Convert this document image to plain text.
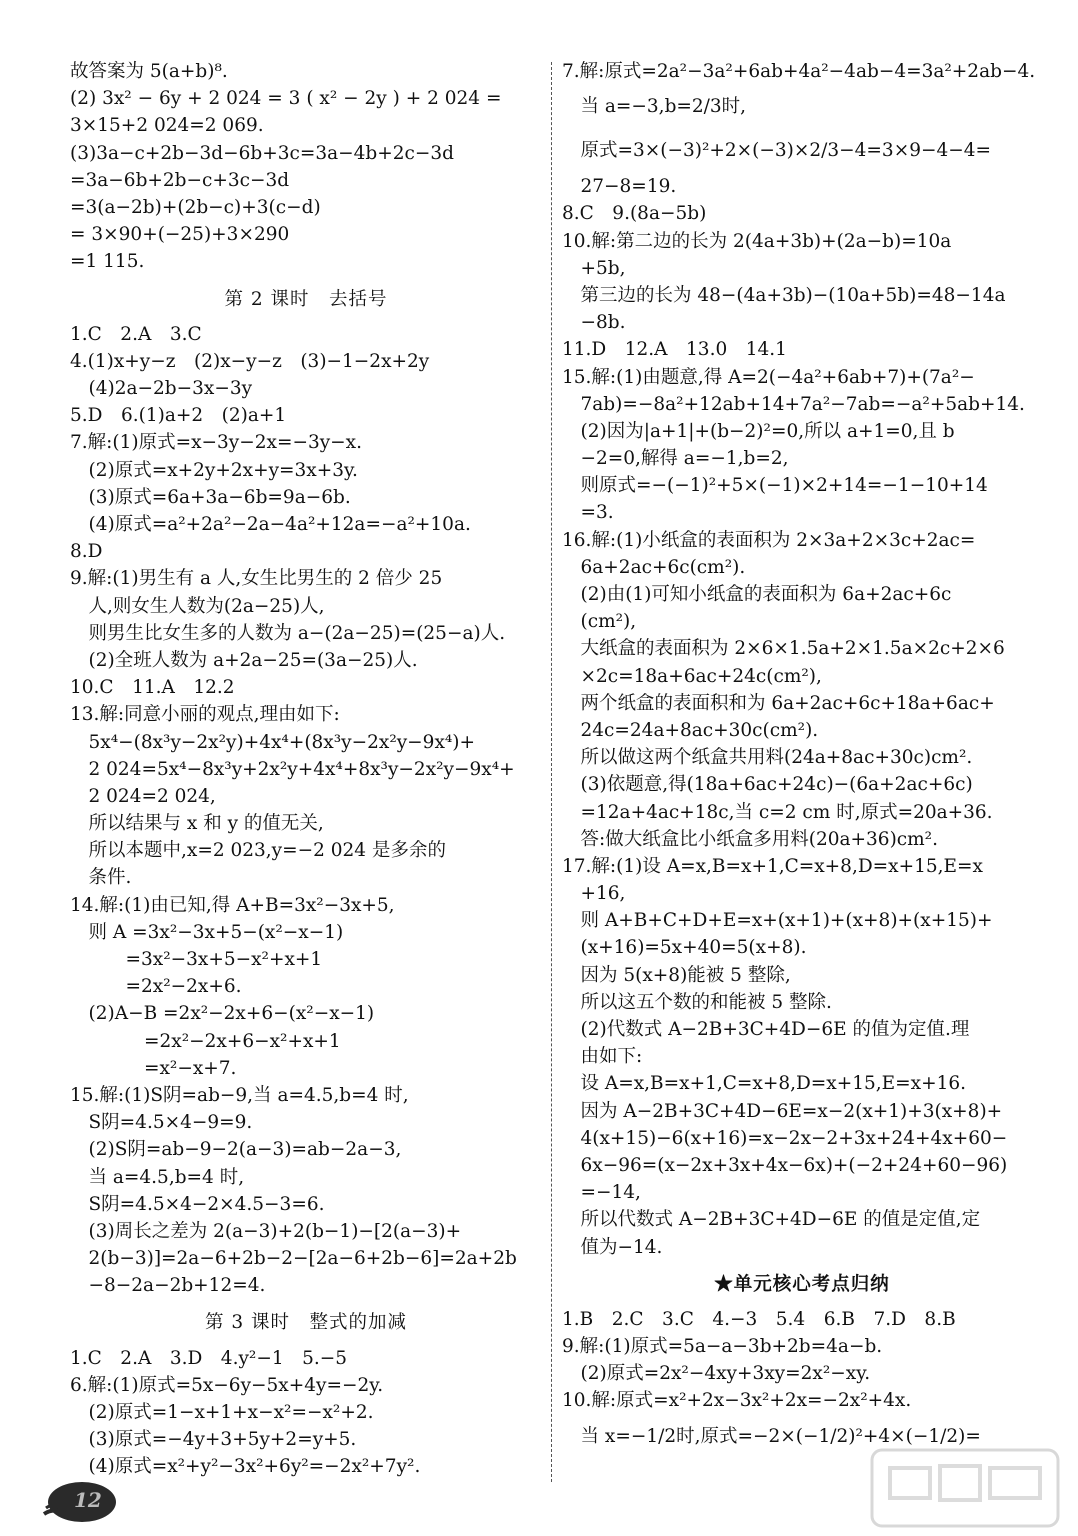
故答案为 5(a+b)⁸.
(2) 3x² − 6y + 2 024 = 3 ( x² − 2y ) + 2 024 =
3×15+2 024=2 069.
(3)3a−c+2b−3d−6b+3c=3a−4b+2c−3d
=3a−6b+2b−c+3c−3d
=3(a−2b)+(2b−c)+3(c−d)
= 3×90+(−25)+3×290
=1 115.
第 2 课时　去括号
1.C　2.A　3.C
4.(1)x+y−z　(2)x−y−z　(3)−1−2x+2y
　(4)2a−2b−3x−3y
5.D　6.(1)a+2　(2)a+1
7.解:(1)原式=x−3y−2x=−3y−x.
　(2)原式=x+2y+2x+y=3x+3y.
　(3)原式=6a+3a−6b=9a−6b.
　(4)原式=a²+2a²−2a−4a²+12a=−a²+10a.
8.D
9.解:(1)男生有 a 人,女生比男生的 2 倍少 25
　人,则女生人数为(2a−25)人,
　则男生比女生多的人数为 a−(2a−25)=(25−a)人.
　(2)全班人数为 a+2a−25=(3a−25)人.
10.C　11.A　12.2
13.解:同意小丽的观点,理由如下:
　5x⁴−(8x³y−2x²y)+4x⁴+(8x³y−2x²y−9x⁴)+
　2 024=5x⁴−8x³y+2x²y+4x⁴+8x³y−2x²y−9x⁴+
　2 024=2 024,
　所以结果与 x 和 y 的值无关,
　所以本题中,x=2 023,y=−2 024 是多余的
　条件.
14.解:(1)由已知,得 A+B=3x²−3x+5,
　则 A =3x²−3x+5−(x²−x−1)
　　　=3x²−3x+5−x²+x+1
　　　=2x²−2x+6.
　(2)A−B =2x²−2x+6−(x²−x−1)
　　　　=2x²−2x+6−x²+x+1
　　　　=x²−x+7.
15.解:(1)S阴=ab−9,当 a=4.5,b=4 时,
　S阴=4.5×4−9=9.
　(2)S阴=ab−9−2(a−3)=ab−2a−3,
　当 a=4.5,b=4 时,
　S阴=4.5×4−2×4.5−3=6.
　(3)周长之差为 2(a−3)+2(b−1)−[2(a−3)+
　2(b−3)]=2a−6+2b−2−[2a−6+2b−6]=2a+2b
　−8−2a−2b+12=4.
第 3 课时　整式的加减
1.C　2.A　3.D　4.y²−1　5.−5
6.解:(1)原式=5x−6y−5x+4y=−2y.
　(2)原式=1−x+1+x−x²=−x²+2.
　(3)原式=−4y+3+5y+2=y+5.
　(4)原式=x²+y²−3x²+6y²=−2x²+7y².
7.解:原式=2a²−3a²+6ab+4a²−4ab−4=3a²+2ab−4.
　当 a=−3,b=2/3时,
　原式=3×(−3)²+2×(−3)×2/3−4=3×9−4−4=
　27−8=19.
8.C　9.(8a−5b)
10.解:第二边的长为 2(4a+3b)+(2a−b)=10a
　+5b,
　第三边的长为 48−(4a+3b)−(10a+5b)=48−14a
　−8b.
11.D　12.A　13.0　14.1
15.解:(1)由题意,得 A=2(−4a²+6ab+7)+(7a²−
　7ab)=−8a²+12ab+14+7a²−7ab=−a²+5ab+14.
　(2)因为|a+1|+(b−2)²=0,所以 a+1=0,且 b
　−2=0,解得 a=−1,b=2,
　则原式=−(−1)²+5×(−1)×2+14=−1−10+14
　=3.
16.解:(1)小纸盒的表面积为 2×3a+2×3c+2ac=
　6a+2ac+6c(cm²).
　(2)由(1)可知小纸盒的表面积为 6a+2ac+6c
　(cm²),
　大纸盒的表面积为 2×6×1.5a+2×1.5a×2c+2×6
　×2c=18a+6ac+24c(cm²),
　两个纸盒的表面积和为 6a+2ac+6c+18a+6ac+
　24c=24a+8ac+30c(cm²).
　所以做这两个纸盒共用料(24a+8ac+30c)cm².
　(3)依题意,得(18a+6ac+24c)−(6a+2ac+6c)
　=12a+4ac+18c,当 c=2 cm 时,原式=20a+36.
　答:做大纸盒比小纸盒多用料(20a+36)cm².
17.解:(1)设 A=x,B=x+1,C=x+8,D=x+15,E=x
　+16,
　则 A+B+C+D+E=x+(x+1)+(x+8)+(x+15)+
　(x+16)=5x+40=5(x+8).
　因为 5(x+8)能被 5 整除,
　所以这五个数的和能被 5 整除.
　(2)代数式 A−2B+3C+4D−6E 的值为定值.理
　由如下:
　设 A=x,B=x+1,C=x+8,D=x+15,E=x+16.
　因为 A−2B+3C+4D−6E=x−2(x+1)+3(x+8)+
　4(x+15)−6(x+16)=x−2x−2+3x+24+4x+60−
　6x−96=(x−2x+3x+4x−6x)+(−2+24+60−96)
　=−14,
　所以代数式 A−2B+3C+4D−6E 的值是定值,定
　值为−14.
★单元核心考点归纳
1.B　2.C　3.C　4.−3　5.4　6.B　7.D　8.B
9.解:(1)原式=5a−a−3b+2b=4a−b.
　(2)原式=2x²−4xy+3xy=2x²−xy.
10.解:原式=x²+2x−3x²+2x=−2x²+4x.
　当 x=−1/2时,原式=−2×(−1/2)²+4×(−1/2)=
12
